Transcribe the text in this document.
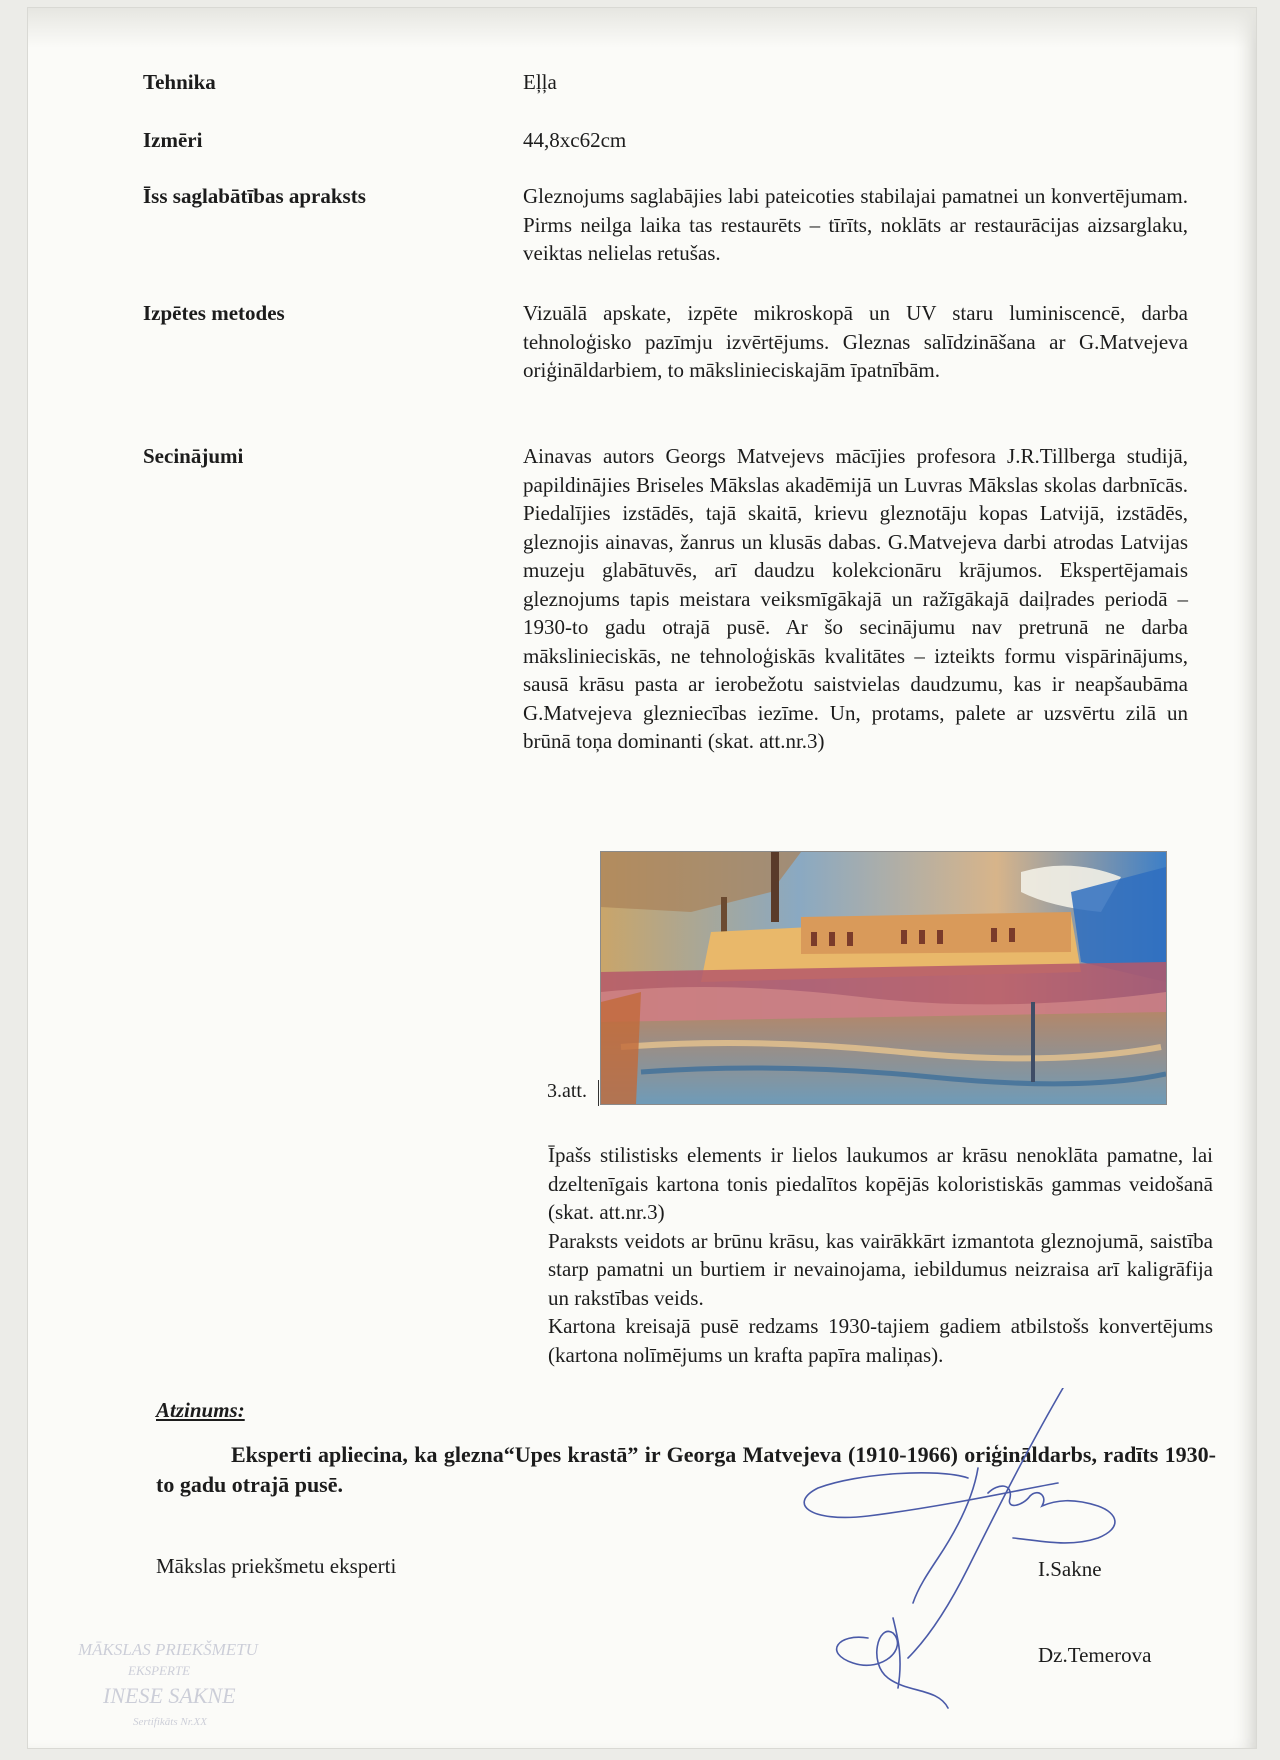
Tehnika	Eļļa
Izmēri	44,8xc62cm
Īss saglabātības apraksts	Gleznojums saglabājies labi pateicoties stabilajai pamatnei un konvertējumam. Pirms neilga laika tas restaurēts – tīrīts, noklāts ar restaurācijas aizsarglaku, veiktas nelielas retušas.
Izpētes metodes	Vizuālā apskate, izpēte mikroskopā un UV staru luminiscencē, darba tehnoloģisko pazīmju izvērtējums. Gleznas salīdzināšana ar G.Matvejeva oriģināldarbiem, to mākslinieciskajām īpatnībām.
Secinājumi	Ainavas autors Georgs Matvejevs mācījies profesora J.R.Tillberga studijā, papildinājies Briseles Mākslas akadēmijā un Luvras Mākslas skolas darbnīcās. Piedalījies izstādēs, tajā skaitā, krievu gleznotāju kopas Latvijā, izstādēs, gleznojis ainavas, žanrus un klusās dabas. G.Matvejeva darbi atrodas Latvijas muzeju glabātuvēs, arī daudzu kolekcionāru krājumos. Ekspertējamais gleznojums tapis meistara veiksmīgākajā un ražīgākajā daiļrades periodā – 1930-to gadu otrajā pusē. Ar šo secinājumu nav pretrunā ne darba mākslinieciskās, ne tehnoloģiskās kvalitātes – izteikts formu vispārinājums, sausā krāsu pasta ar ierobežotu saistvielas daudzumu, kas ir neapšaubāma G.Matvejeva glezniecības iezīme. Un, protams, palete ar uzsvērtu zilā un brūnā toņa dominanti (skat. att.nr.3)
3.att.

Īpašs stilistisks elements ir lielos laukumos ar krāsu nenoklāta pamatne, lai dzeltenīgais kartona tonis piedalītos kopējās koloristiskās gammas veidošanā (skat. att.nr.3)

Paraksts veidots ar brūnu krāsu, kas vairākkārt izmantota gleznojumā, saistība starp pamatni un burtiem ir nevainojama, iebildumus neizraisa arī kaligrāfija un rakstības veids.

Kartona kreisajā pusē redzams 1930-tajiem gadiem atbilstošs konvertējums (kartona nolīmējums un krafta papīra maliņas).

Atzinums:
Eksperti apliecina, ka glezna“Upes krastā” ir Georga Matvejeva (1910-1966) oriģināldarbs, radīts 1930-to gadu otrajā pusē.
Mākslas priekšmetu eksperti	I.Sakne
Dz.Temerova
MĀKSLAS PRIEKŠMETU
EKSPERTE
INESE SAKNE
Sertifikāts Nr.XX
